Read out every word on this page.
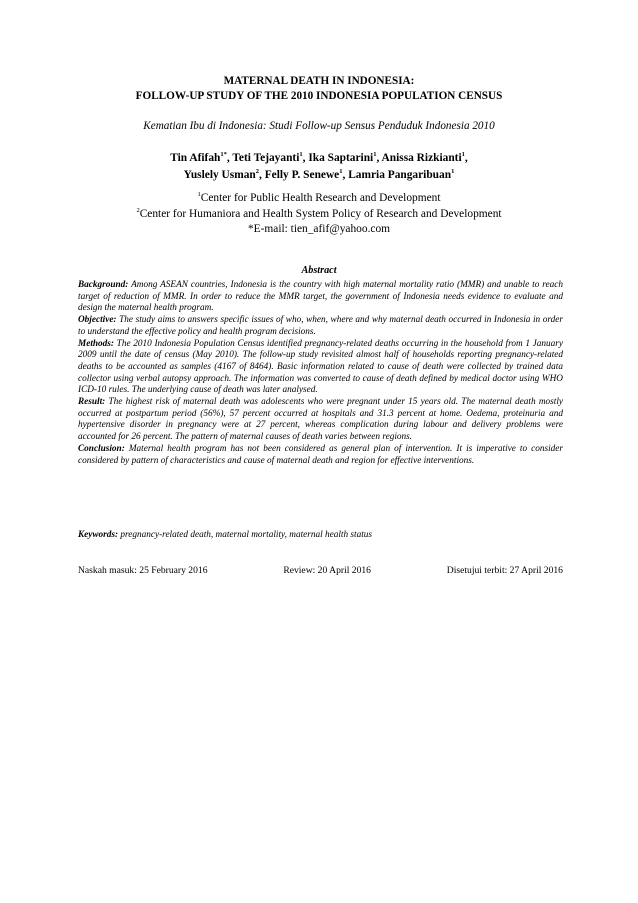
MATERNAL DEATH IN INDONESIA:
FOLLOW-UP STUDY OF THE 2010 INDONESIA POPULATION CENSUS
Kematian Ibu di Indonesia: Studi Follow-up Sensus Penduduk Indonesia 2010
Tin Afifah$^{1*}$, Teti Tejayanti$^1$, Ika Saptarini$^1$, Anissa Rizkianti$^1$,
Yuslely Usman$^2$, Felly P. Senewe$^1$, Lamria Pangaribuan$^1$
$^1$Center for Public Health Research and Development
$^2$Center for Humaniora and Health System Policy of Research and Development
*E-mail: tien_afif@yahoo.com
Abstract

Background: Among ASEAN countries, Indonesia is the country with high maternal mortality ratio (MMR) and unable to reach target of reduction of MMR. In order to reduce the MMR target, the government of Indonesia needs evidence to evaluate and design the maternal health program.

Objective: The study aims to answers specific issues of who, when, where and why maternal death occurred in Indonesia in order to understand the effective policy and health program decisions.

Methods: The 2010 Indonesia Population Census identified pregnancy-related deaths occurring in the household from 1 January 2009 until the date of census (May 2010). The follow-up study revisited almost half of households reporting pregnancy-related deaths to be accounted as samples (4167 of 8464). Basic information related to cause of death were collected by trained data collector using verbal autopsy approach. The information was converted to cause of death defined by medical doctor using WHO ICD-10 rules. The underlying cause of death was later analysed.

Result: The highest risk of maternal death was adolescents who were pregnant under 15 years old. The maternal death mostly occurred at postpartum period (56%), 57 percent occurred at hospitals and 31.3 percent at home. Oedema, proteinuria and hypertensive disorder in pregnancy were at 27 percent, whereas complication during labour and delivery problems were accounted for 26 percent. The pattern of maternal causes of death varies between regions.

Conclusion: Maternal health program has not been considered as general plan of intervention. It is imperative to consider considered by pattern of characteristics and cause of maternal death and region for effective interventions.

Keywords: pregnancy-related death, maternal mortality, maternal health status
Naskah masuk: 25 February 2016	Review: 20 April 2016	Disetujui terbit: 27 April 2016
